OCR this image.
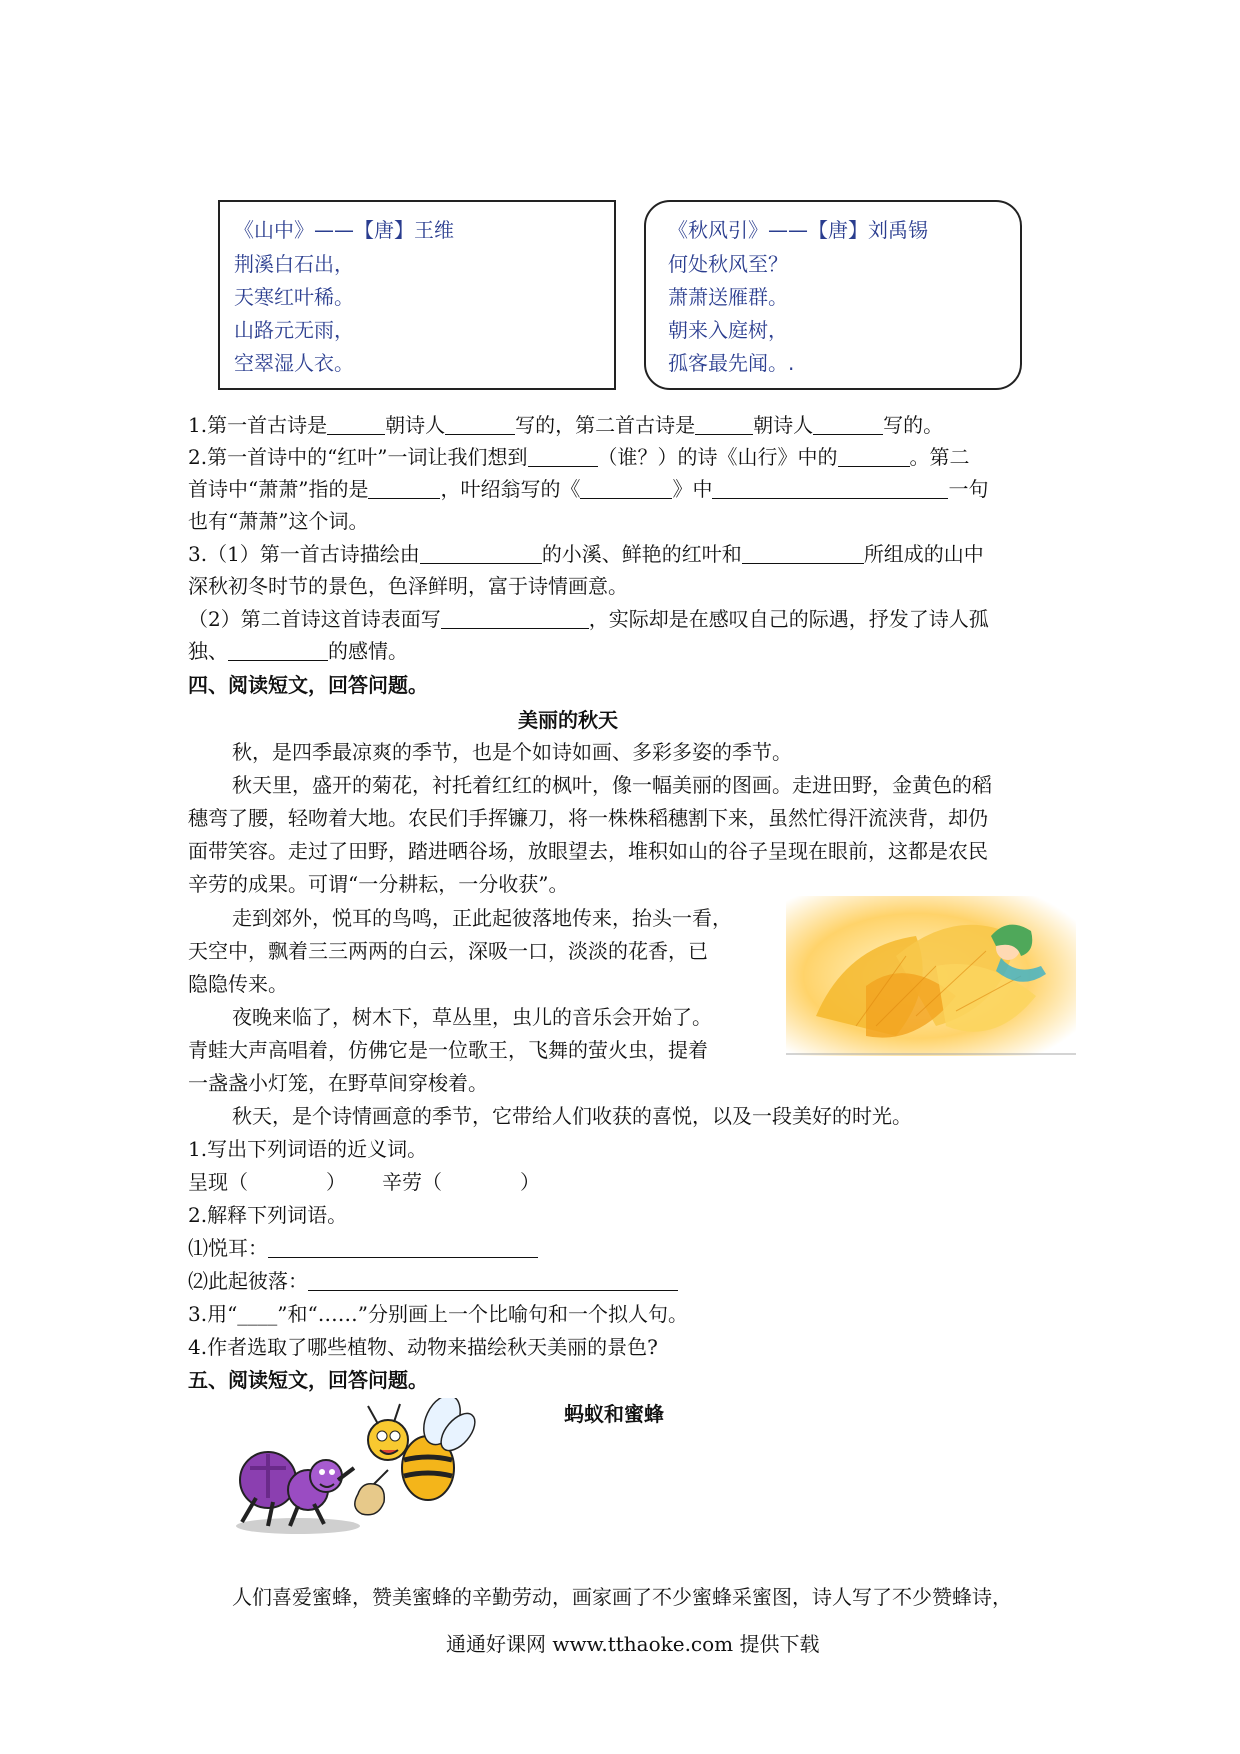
《山中》——【唐】王维
荆溪白石出，
天寒红叶稀。
山路元无雨，
空翠湿人衣。
《秋风引》——【唐】刘禹锡
何处秋风至？
萧萧送雁群。
朝来入庭树，
孤客最先闻。.
1.第一首古诗是	朝诗人	写的，第二首古诗是	朝诗人	写的。
2.第一首诗中的“红叶”一词让我们想到	（谁？）的诗《山行》中的	。第二
首诗中“萧萧”指的是	，叶绍翁写的《	》中	一句
也有“萧萧”这个词。
3.（1）第一首古诗描绘由	的小溪、鲜艳的红叶和	所组成的山中
深秋初冬时节的景色，色泽鲜明，富于诗情画意。
（2）第二首诗这首诗表面写	，实际却是在感叹自己的际遇，抒发了诗人孤
独、	的感情。
四、阅读短文，回答问题。
美丽的秋天
秋，是四季最凉爽的季节，也是个如诗如画、多彩多姿的季节。
秋天里，盛开的菊花，衬托着红红的枫叶，像一幅美丽的图画。走进田野，金黄色的稻
穗弯了腰，轻吻着大地。农民们手挥镰刀，将一株株稻穗割下来，虽然忙得汗流浃背，却仍
面带笑容。走过了田野，踏进晒谷场，放眼望去，堆积如山的谷子呈现在眼前，这都是农民
辛劳的成果。可谓“一分耕耘，一分收获”。
走到郊外，悦耳的鸟鸣，正此起彼落地传来，抬头一看，
天空中，飘着三三两两的白云，深吸一口，淡淡的花香，已
隐隐传来。
夜晚来临了，树木下，草丛里，虫儿的音乐会开始了。
青蛙大声高唱着，仿佛它是一位歌王，飞舞的萤火虫，提着
一盏盏小灯笼，在野草间穿梭着。
秋天，是个诗情画意的季节，它带给人们收获的喜悦，以及一段美好的时光。
1.写出下列词语的近义词。
呈现（	） 辛劳（	）
2.解释下列词语。
⑴悦耳：
⑵此起彼落：
3.用“____”和“……”分别画上一个比喻句和一个拟人句。
4.作者选取了哪些植物、动物来描绘秋天美丽的景色?
五、阅读短文，回答问题。
蚂蚁和蜜蜂
人们喜爱蜜蜂，赞美蜜蜂的辛勤劳动，画家画了不少蜜蜂采蜜图，诗人写了不少赞蜂诗，
通通好课网 www.tthaoke.com 提供下载
